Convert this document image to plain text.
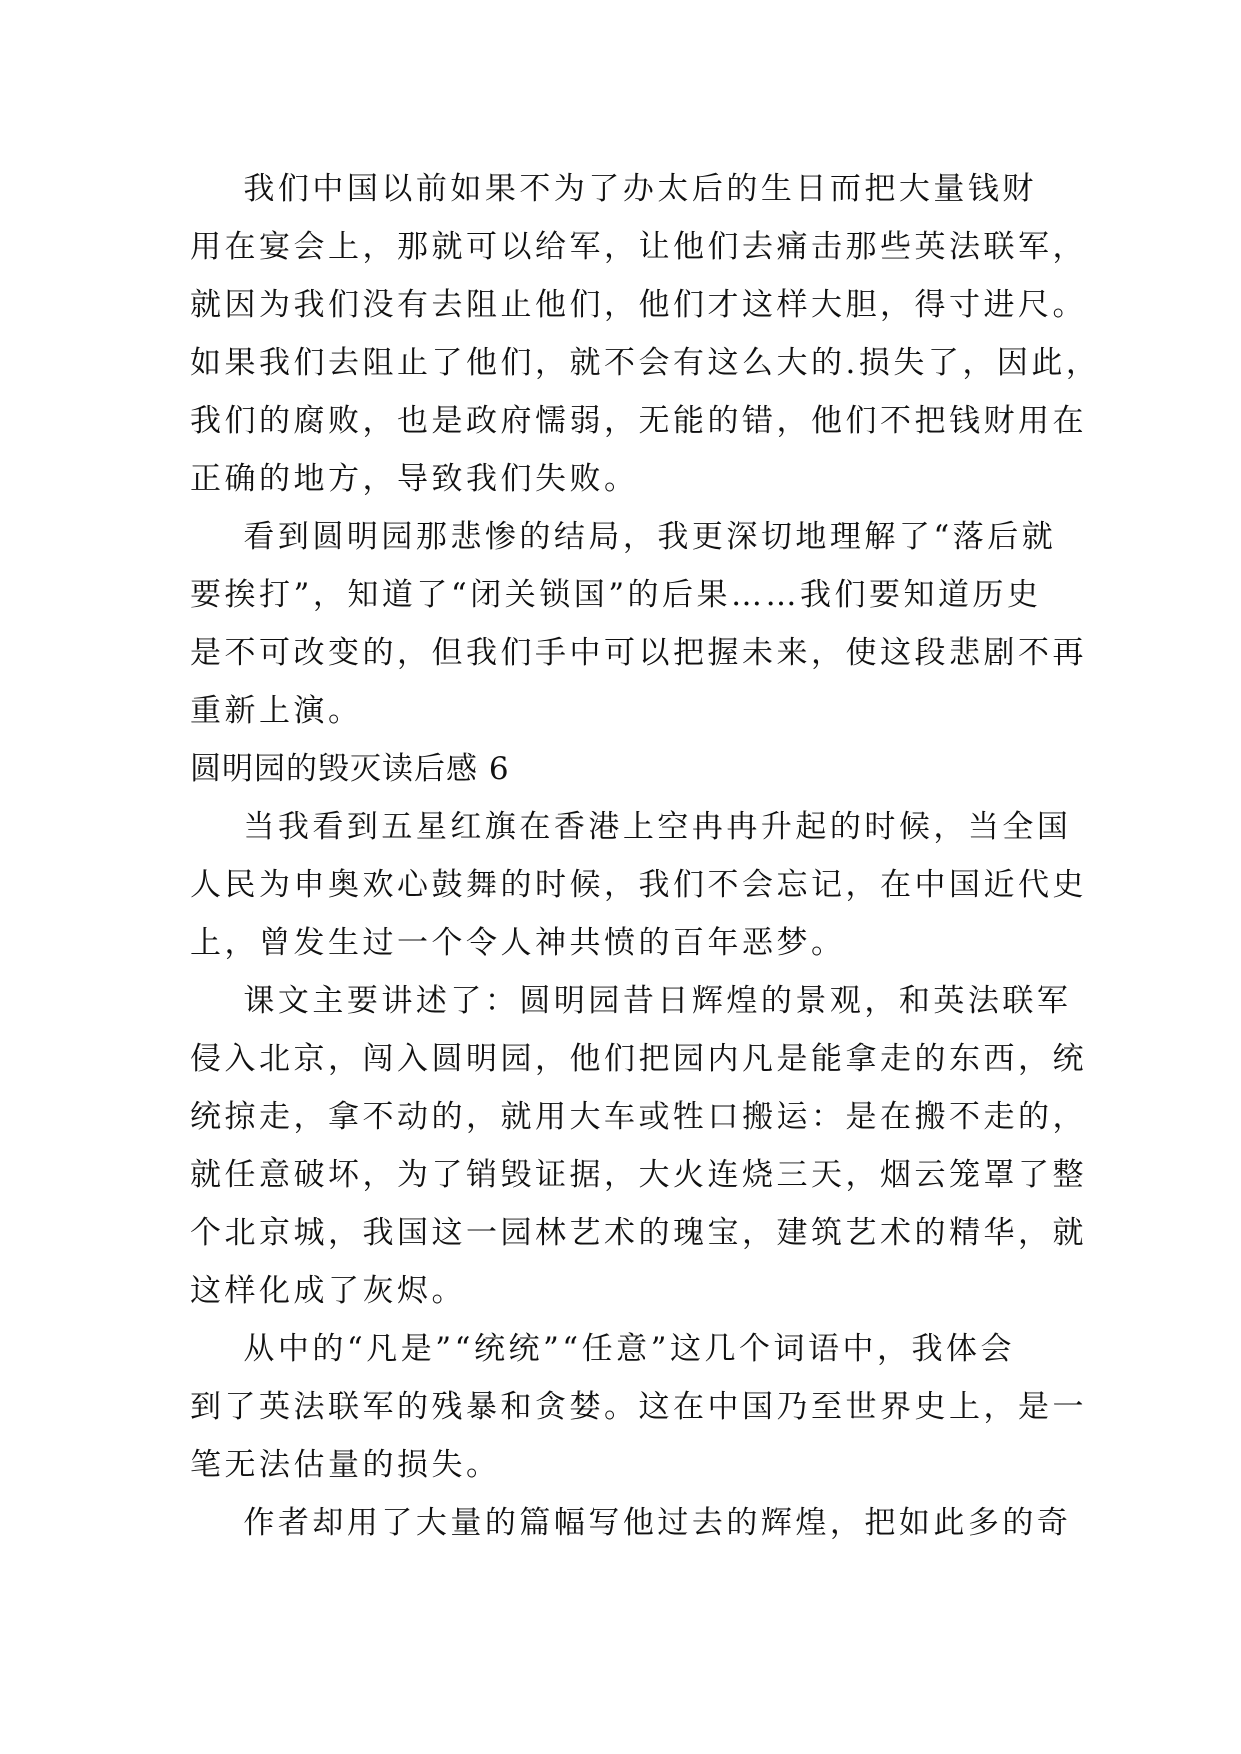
我们中国以前如果不为了办太后的生日而把大量钱财
用在宴会上，那就可以给军，让他们去痛击那些英法联军，
就因为我们没有去阻止他们，他们才这样大胆，得寸进尺。
如果我们去阻止了他们，就不会有这么大的.损失了，因此，
我们的腐败，也是政府懦弱，无能的错，他们不把钱财用在
正确的地方，导致我们失败。
看到圆明园那悲惨的结局，我更深切地理解了“落后就
要挨打”，知道了“闭关锁国”的后果……我们要知道历史
是不可改变的，但我们手中可以把握未来，使这段悲剧不再
重新上演。
圆明园的毁灭读后感 6
当我看到五星红旗在香港上空冉冉升起的时候，当全国
人民为申奥欢心鼓舞的时候，我们不会忘记，在中国近代史
上，曾发生过一个令人神共愤的百年恶梦。
课文主要讲述了：圆明园昔日辉煌的景观，和英法联军
侵入北京，闯入圆明园，他们把园内凡是能拿走的东西，统
统掠走，拿不动的，就用大车或牲口搬运：是在搬不走的，
就任意破坏，为了销毁证据，大火连烧三天，烟云笼罩了整
个北京城，我国这一园林艺术的瑰宝，建筑艺术的精华，就
这样化成了灰烬。
从中的“凡是”“统统”“任意”这几个词语中，我体会
到了英法联军的残暴和贪婪。这在中国乃至世界史上，是一
笔无法估量的损失。
作者却用了大量的篇幅写他过去的辉煌，把如此多的奇
